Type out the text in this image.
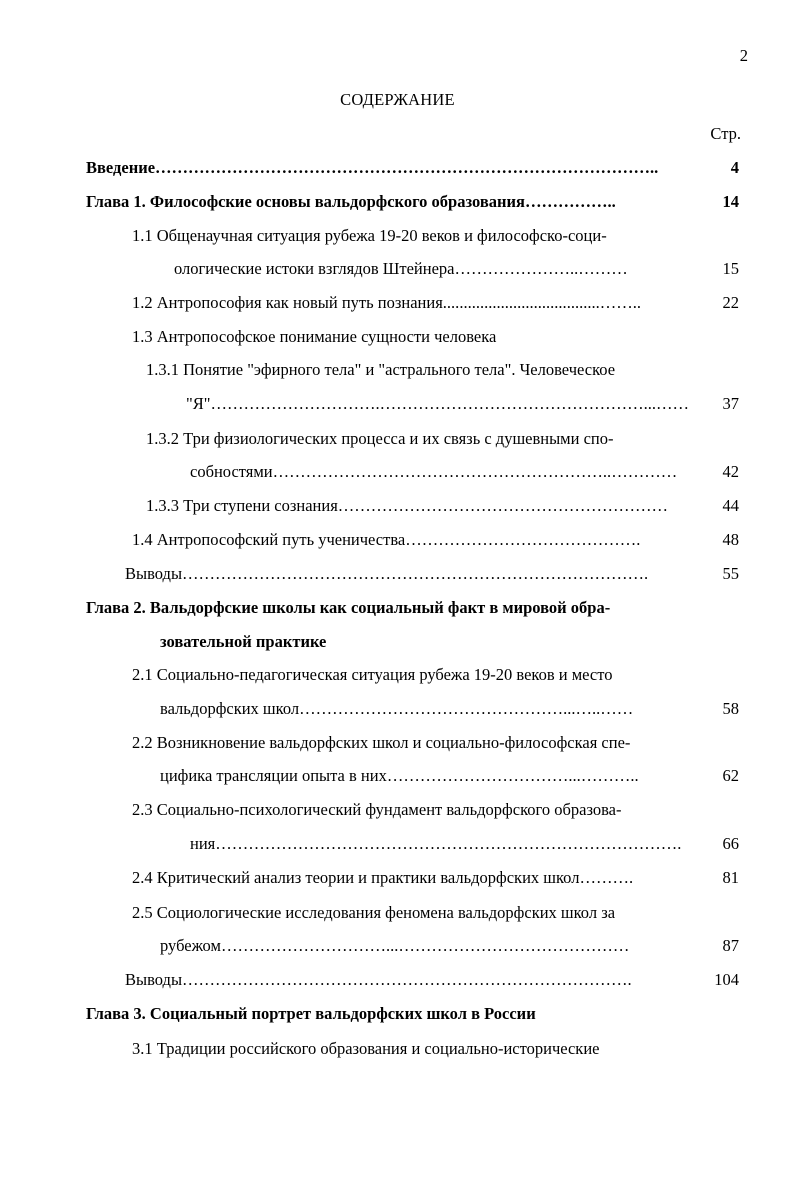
2
СОДЕРЖАНИЕ
Стр.
Введение………………………………………………………………………………..	4
Глава 1. Философские основы вальдорфского образования……………..	14
1.1 Общенаучная ситуация рубежа 19-20 веков и философско-соци-
ологические истоки взглядов Штейнера…………………..………	15
1.2 Антропософия как новый путь познания......................................……..	22
1.3 Антропософское понимание сущности человека
1.3.1 Понятие "эфирного тела" и "астрального тела". Человеческое
"Я"………………………….…………………………………………...……	37
1.3.2 Три физиологических процесса и их связь с душевными спо-
собностями……………………………………………………..…………	42
1.3.3 Три ступени сознания……………………………………………………	44
1.4 Антропософский путь ученичества…………………………………….	48
Выводы………………………………………………………………………….	55
Глава 2. Вальдорфские школы как социальный факт в мировой обра-
зовательной практике
2.1 Социально-педагогическая ситуация рубежа 19-20 веков и место
вальдорфских школ…………………………………………...…..……	58
2.2 Возникновение вальдорфских школ и социально-философская спе-
цифика трансляции опыта в них……………………………...………..	62
2.3 Социально-психологический фундамент вальдорфского образова-
ния………………………………………………………………………….	66
2.4 Критический анализ теории и практики вальдорфских школ……….	81
2.5 Социологические исследования феномена вальдорфских школ за
рубежом…………………………...……………………………………	87
Выводы……………………………………………………………………….	104
Глава 3. Социальный портрет вальдорфских школ в России
3.1 Традиции российского образования и социально-исторические
